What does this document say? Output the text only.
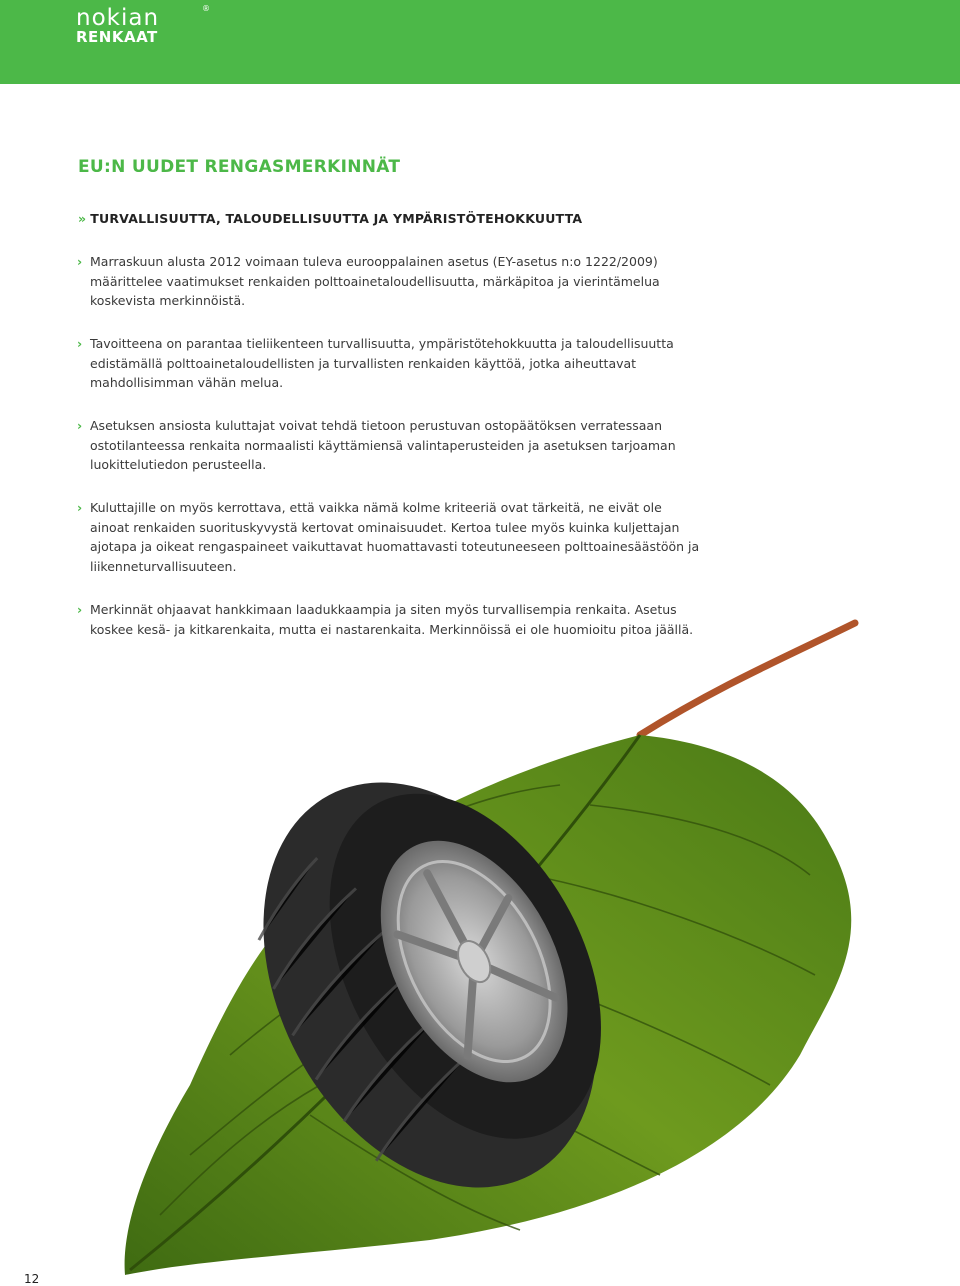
nokian
RENKAAT
®
EU:N UUDET RENGASMERKINNÄT
» TURVALLISUUTTA, TALOUDELLISUUTTA JA YMPÄRISTÖTEHOKKUUTTA

› Marraskuun alusta 2012 voimaan tuleva eurooppalainen asetus (EY-asetus n:o 1222/2009) määrittelee vaatimukset renkaiden polttoainetaloudellisuutta, märkäpitoa ja vierintämelua koskevista merkinnöistä.

› Tavoitteena on parantaa tieliikenteen turvallisuutta, ympäristötehokkuutta ja taloudellisuutta edistämällä polttoainetaloudellisten ja turvallisten renkaiden käyttöä, jotka aiheuttavat mahdollisimman vähän melua.

› Asetuksen ansiosta kuluttajat voivat tehdä tietoon perustuvan ostopäätöksen verratessaan ostotilanteessa renkaita normaalisti käyttämiensä valintaperusteiden ja asetuksen tarjoaman luokittelutiedon perusteella.

› Kuluttajille on myös kerrottava, että vaikka nämä kolme kriteeriä ovat tärkeitä, ne eivät ole ainoat renkaiden suorituskyvystä kertovat ominaisuudet. Kertoa tulee myös kuinka kuljettajan ajotapa ja oikeat rengaspaineet vaikuttavat huomattavasti toteutuneeseen polttoainesäästöön ja liikenneturvallisuuteen.

› Merkinnät ohjaavat hankkimaan laadukkaampia ja siten myös turvallisempia renkaita. Asetus koskee kesä- ja kitkarenkaita, mutta ei nastarenkaita. Merkinnöissä ei ole huomioitu pitoa jäällä.

12
